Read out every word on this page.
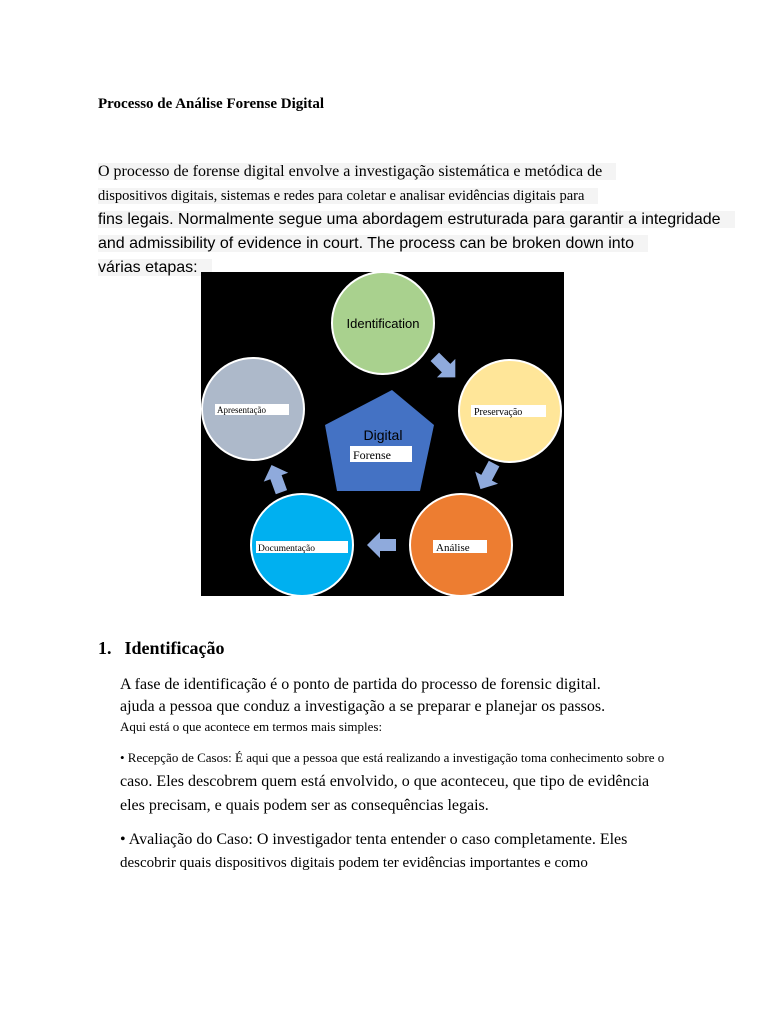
Processo de Análise Forense Digital
O processo de forense digital envolve a investigação sistemática e metódica de
dispositivos digitais, sistemas e redes para coletar e analisar evidências digitais para
fins legais. Normalmente segue uma abordagem estruturada para garantir a integridade
and admissibility of evidence in court. The process can be broken down into
várias etapas:
Digital
Forense
Identification
Preservação
Análise
Documentação
Apresentação
1. Identificação
A fase de identificação é o ponto de partida do processo de forensic digital.
ajuda a pessoa que conduz a investigação a se preparar e planejar os passos.
Aqui está o que acontece em termos mais simples:
• Recepção de Casos: É aqui que a pessoa que está realizando a investigação toma conhecimento sobre o
caso. Eles descobrem quem está envolvido, o que aconteceu, que tipo de evidência
eles precisam, e quais podem ser as consequências legais.
• Avaliação do Caso: O investigador tenta entender o caso completamente. Eles
descobrir quais dispositivos digitais podem ter evidências importantes e como
